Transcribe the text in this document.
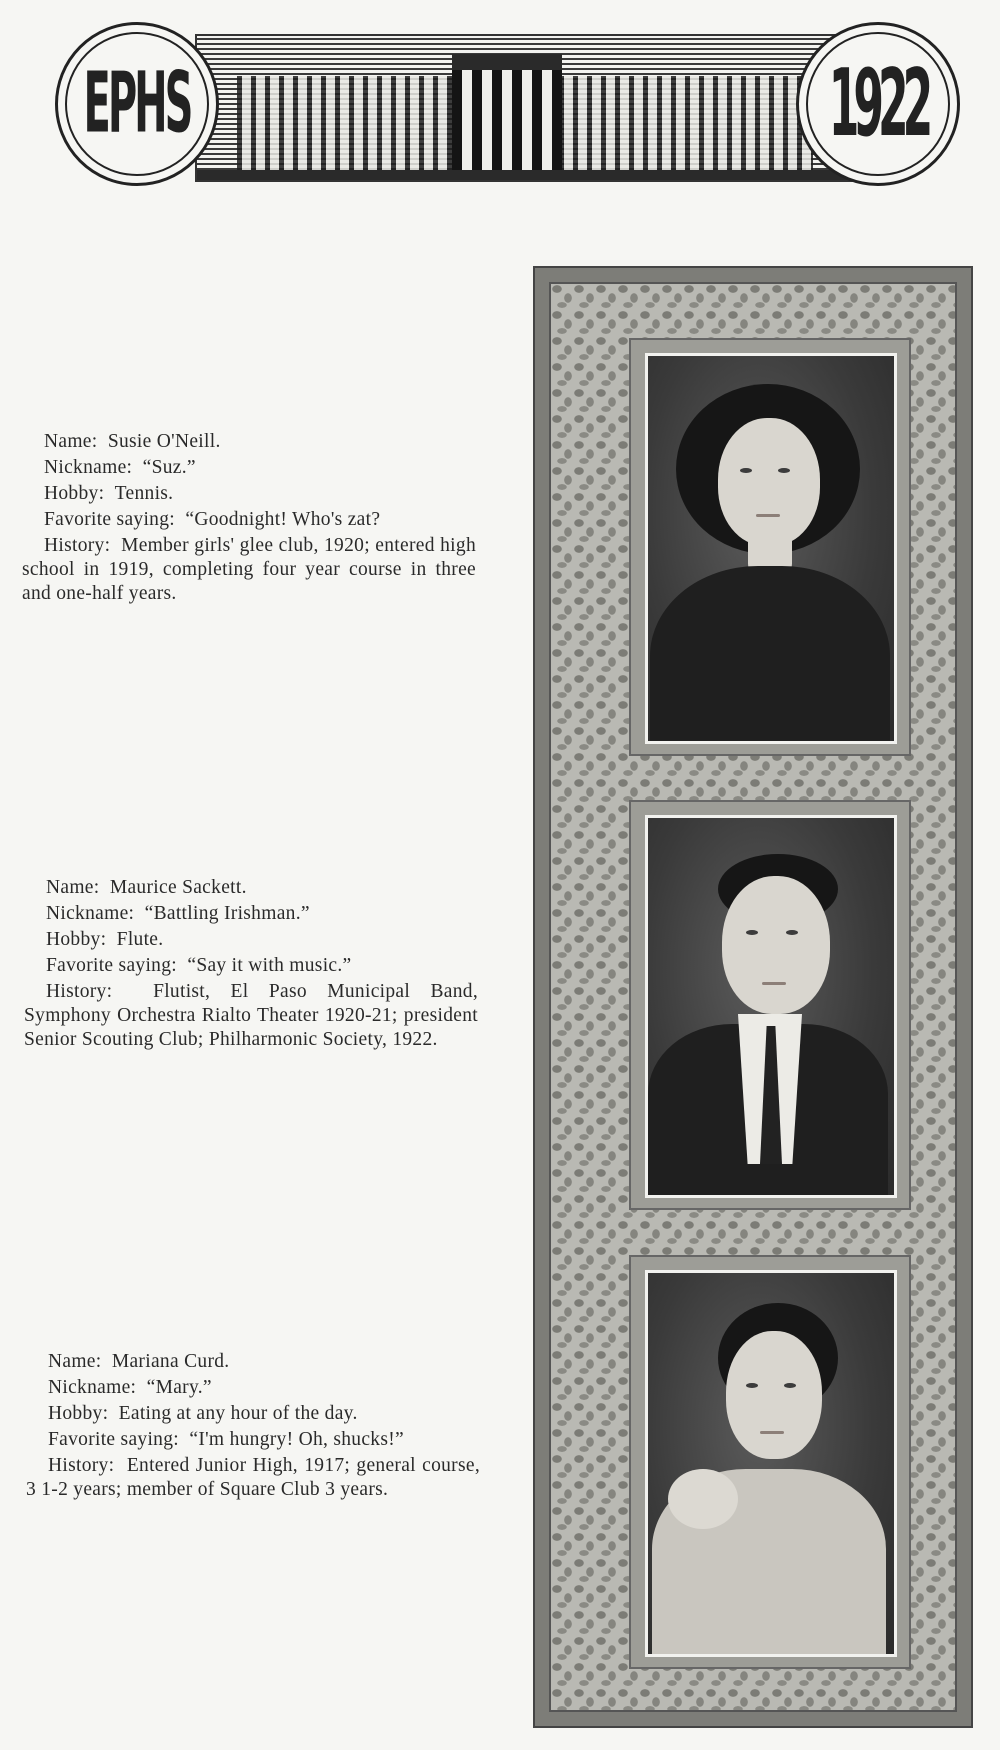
EPHS	1922

Name: Susie O'Neill.

Nickname: “Suz.”

Hobby: Tennis.

Favorite saying: “Goodnight! Who's zat?

History: Member girls' glee club, 1920; entered high school in 1919, completing four year course in three and one-half years.

Name: Maurice Sackett.

Nickname: “Battling Irishman.”

Hobby: Flute.

Favorite saying: “Say it with music.”

History: Flutist, El Paso Municipal Band, Symphony Orchestra Rialto Theater 1920-21; president Senior Scouting Club; Philharmonic Society, 1922.

Name: Mariana Curd.

Nickname: “Mary.”

Hobby: Eating at any hour of the day.

Favorite saying: “I'm hungry! Oh, shucks!”

History: Entered Junior High, 1917; general course, 3 1-2 years; member of Square Club 3 years.
